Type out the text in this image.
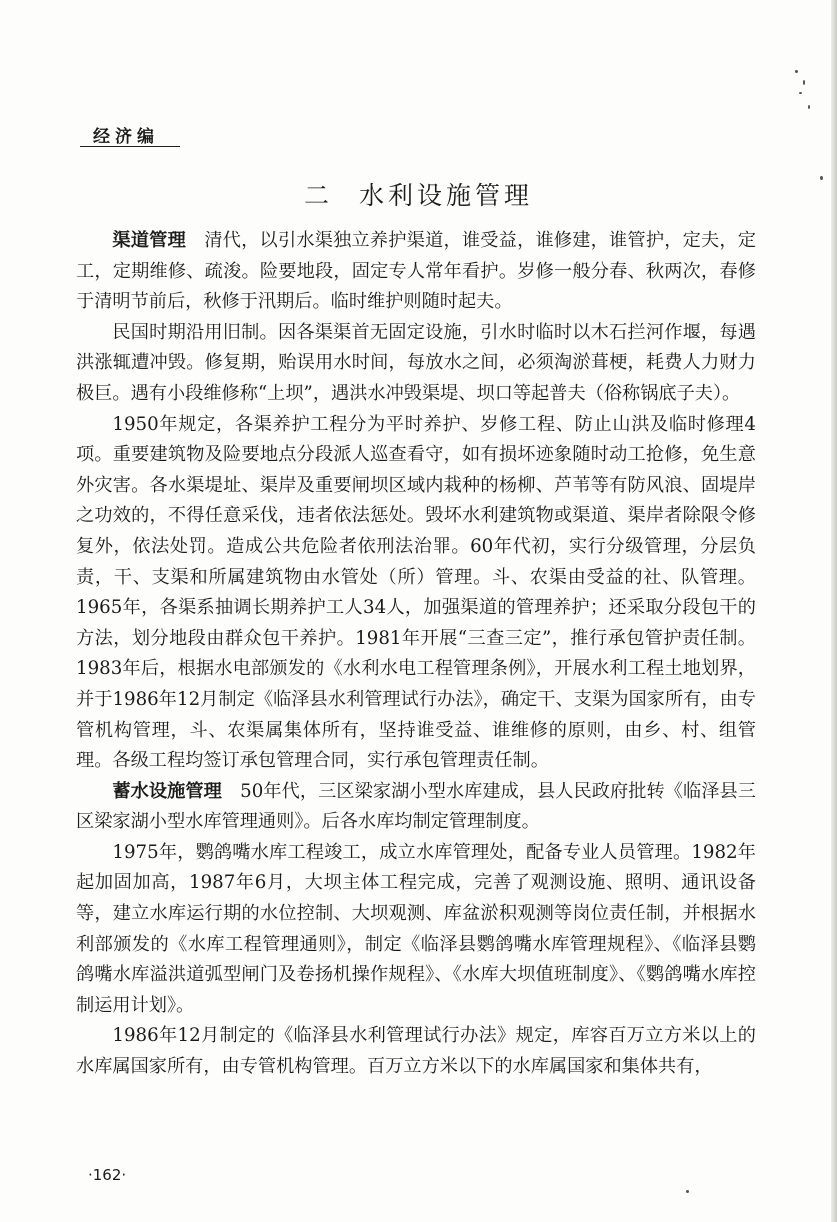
经济编
二 水利设施管理

渠道管理　 清代，以引水渠独立养护渠道，谁受益，谁修建，谁管护，定夫，定工，定期维修、疏浚。险要地段，固定专人常年看护。岁修一般分春、秋两次，春修于清明节前后，秋修于汛期后。临时维护则随时起夫。

民国时期沿用旧制。因各渠渠首无固定设施，引水时临时以木石拦河作堰，每遇洪涨辄遭冲毁。修复期，贻误用水时间，每放水之间，必须淘淤葺梗，耗费人力财力极巨。遇有小段维修称“上坝”，遇洪水冲毁渠堤、坝口等起普夫（俗称锅底子夫）。

1950年规定，各渠养护工程分为平时养护、岁修工程、防止山洪及临时修理4项。重要建筑物及险要地点分段派人巡查看守，如有损坏迹象随时动工抢修，免生意外灾害。各水渠堤址、渠岸及重要闸坝区域内栽种的杨柳、芦苇等有防风浪、固堤岸之功效的，不得任意采伐，违者依法惩处。毁坏水利建筑物或渠道、渠岸者除限令修复外，依法处罚。造成公共危险者依刑法治罪。60年代初，实行分级管理，分层负责，干、支渠和所属建筑物由水管处（所）管理。斗、农渠由受益的社、队管理。1965年，各渠系抽调长期养护工人34人，加强渠道的管理养护；还采取分段包干的方法，划分地段由群众包干养护。1981年开展“三查三定”，推行承包管护责任制。1983年后，根据水电部颁发的《水利水电工程管理条例》，开展水利工程土地划界，并于1986年12月制定《临泽县水利管理试行办法》，确定干、支渠为国家所有，由专管机构管理，斗、农渠属集体所有，坚持谁受益、谁维修的原则，由乡、村、组管理。各级工程均签订承包管理合同，实行承包管理责任制。

蓄水设施管理　 50年代，三区梁家湖小型水库建成，县人民政府批转《临泽县三区梁家湖小型水库管理通则》。后各水库均制定管理制度。

1975年，鹦鸽嘴水库工程竣工，成立水库管理处，配备专业人员管理。1982年起加固加高，1987年6月，大坝主体工程完成，完善了观测设施、照明、通讯设备等，建立水库运行期的水位控制、大坝观测、库盆淤积观测等岗位责任制，并根据水利部颁发的《水库工程管理通则》，制定《临泽县鹦鸽嘴水库管理规程》、《临泽县鹦鸽嘴水库溢洪道弧型闸门及卷扬机操作规程》、《水库大坝值班制度》、《鹦鸽嘴水库控制运用计划》。

1986年12月制定的《临泽县水利管理试行办法》规定，库容百万立方米以上的水库属国家所有，由专管机构管理。百万立方米以下的水库属国家和集体共有，

·162·
